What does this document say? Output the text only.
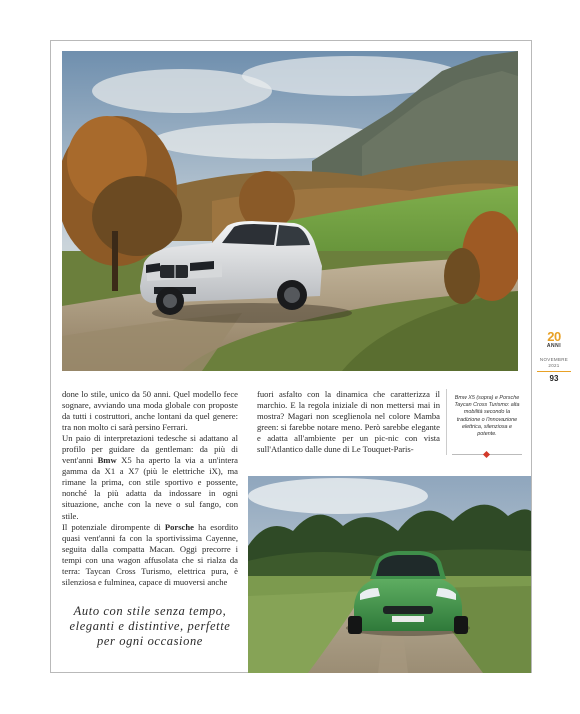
20
ANNI
NOVEMBRE
2021
93

done lo stile, unico da 50 anni. Quel modello fece sognare, avviando una moda globale con proposte da tutti i costruttori, anche lontani da quel genere: tra non molto ci sarà persino Ferrari.

Un paio di interpretazioni tedesche si adattano al profilo per guidare da gentleman: da più di vent'anni Bmw X5 ha aperto la via a un'intera gamma da X1 a X7 (più le elettriche iX), ma rimane la prima, con stile sportivo e possente, nonché la più adatta da indossare in ogni situazione, anche con la neve o sul fango, con stile.

Il potenziale dirompente di Porsche ha esordito quasi vent'anni fa con la sportivissima Cayenne, seguita dalla compatta Macan. Oggi precorre i tempi con una wagon affusolata che si rialza da terra: Taycan Cross Turismo, elettrica pura, è silenziosa e fulminea, capace di muoversi anche

fuori asfalto con la dinamica che caratterizza il marchio. E la regola iniziale di non mettersi mai in mostra? Magari non sceglienola nel colore Mamba green: si farebbe notare meno. Però sarebbe elegante e adatta all'ambiente per un pic-nic con vista sull'Atlantico dalle dune di Le Touquet-Paris-

Auto con stile senza tempo, eleganti e distintive, perfette per ogni occasione
Bmw X5 (sopra) e Porsche Taycan Cross Turismo: alta mobilità secondo la tradizione o l'innovazione elettrica, silenziosa e potente.
